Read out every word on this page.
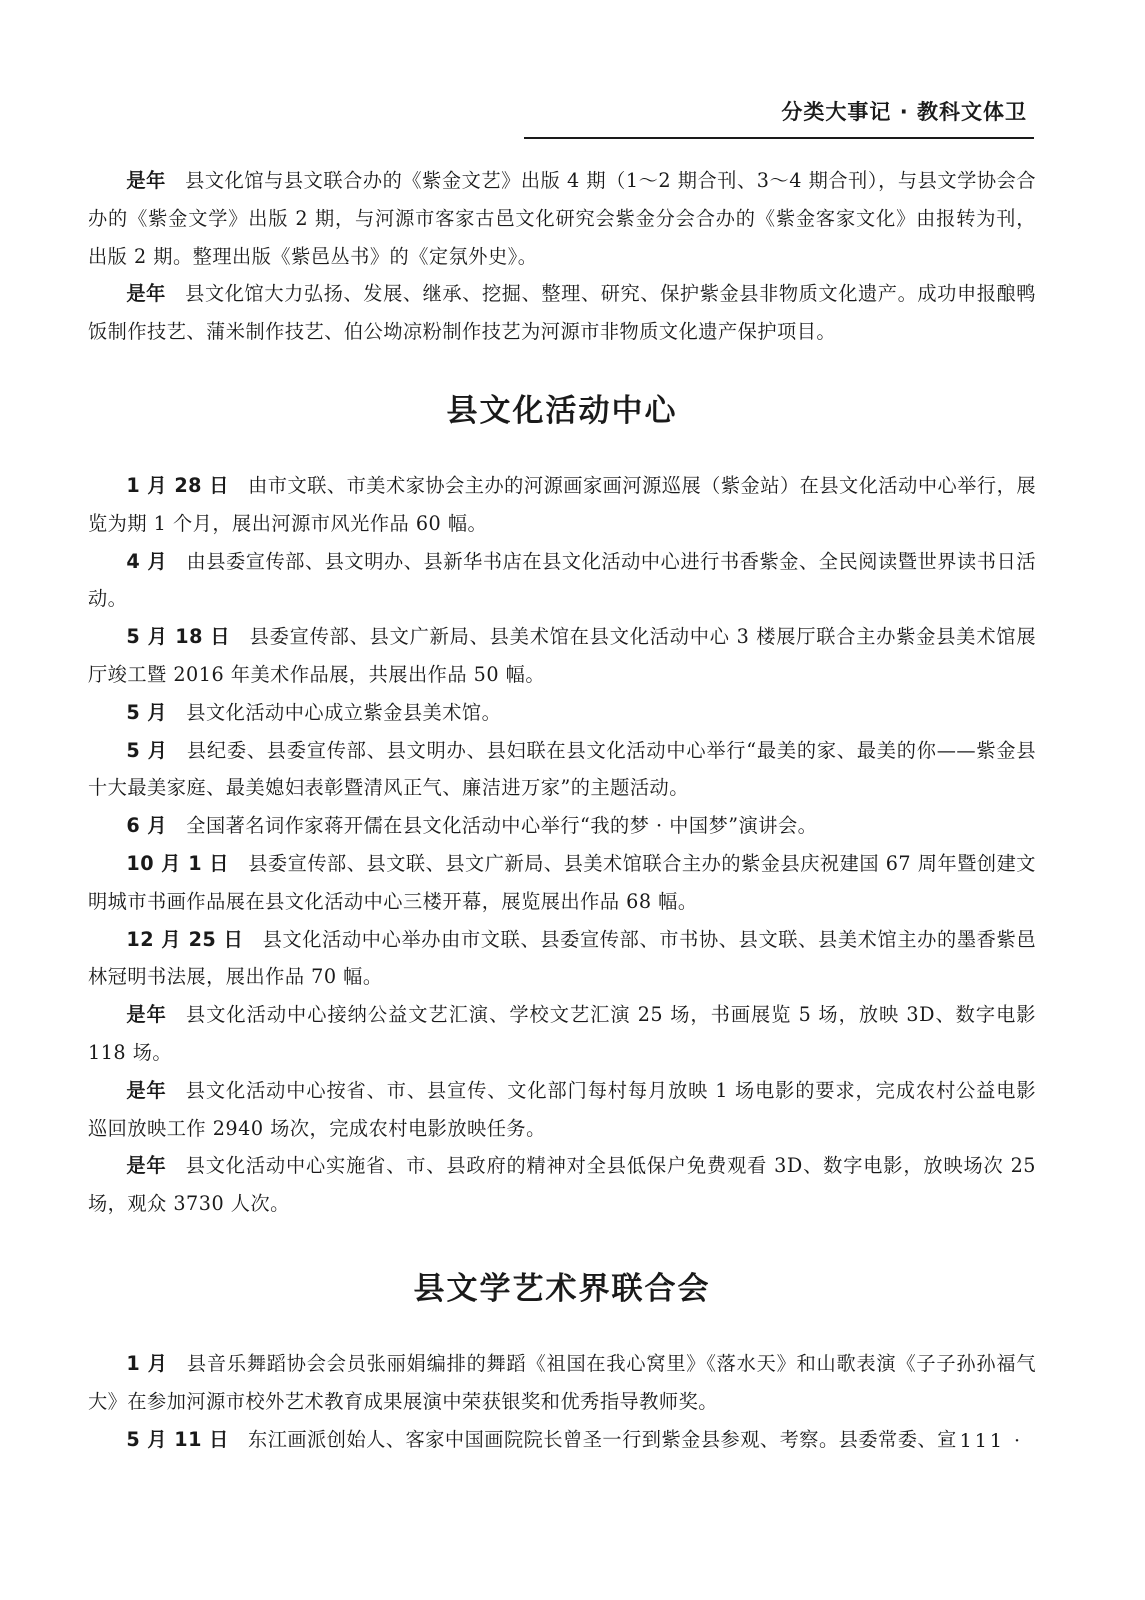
分类大事记 · 教科文体卫

是年 县文化馆与县文联合办的《紫金文艺》出版 4 期（1～2 期合刊、3～4 期合刊），与县文学协会合办的《紫金文学》出版 2 期，与河源市客家古邑文化研究会紫金分会合办的《紫金客家文化》由报转为刊，出版 2 期。整理出版《紫邑丛书》的《定氛外史》。

是年 县文化馆大力弘扬、发展、继承、挖掘、整理、研究、保护紫金县非物质文化遗产。成功申报酿鸭饭制作技艺、蒲米制作技艺、伯公坳凉粉制作技艺为河源市非物质文化遗产保护项目。

县文化活动中心

1 月 28 日 由市文联、市美术家协会主办的河源画家画河源巡展（紫金站）在县文化活动中心举行，展览为期 1 个月，展出河源市风光作品 60 幅。

4 月 由县委宣传部、县文明办、县新华书店在县文化活动中心进行书香紫金、全民阅读暨世界读书日活动。

5 月 18 日 县委宣传部、县文广新局、县美术馆在县文化活动中心 3 楼展厅联合主办紫金县美术馆展厅竣工暨 2016 年美术作品展，共展出作品 50 幅。

5 月 县文化活动中心成立紫金县美术馆。

5 月 县纪委、县委宣传部、县文明办、县妇联在县文化活动中心举行“最美的家、最美的你——紫金县十大最美家庭、最美媳妇表彰暨清风正气、廉洁进万家”的主题活动。

6 月 全国著名词作家蒋开儒在县文化活动中心举行“我的梦 · 中国梦”演讲会。

10 月 1 日 县委宣传部、县文联、县文广新局、县美术馆联合主办的紫金县庆祝建国 67 周年暨创建文明城市书画作品展在县文化活动中心三楼开幕，展览展出作品 68 幅。

12 月 25 日 县文化活动中心举办由市文联、县委宣传部、市书协、县文联、县美术馆主办的墨香紫邑林冠明书法展，展出作品 70 幅。

是年 县文化活动中心接纳公益文艺汇演、学校文艺汇演 25 场，书画展览 5 场，放映 3D、数字电影 118 场。

是年 县文化活动中心按省、市、县宣传、文化部门每村每月放映 1 场电影的要求，完成农村公益电影巡回放映工作 2940 场次，完成农村电影放映任务。

是年 县文化活动中心实施省、市、县政府的精神对全县低保户免费观看 3D、数字电影，放映场次 25 场，观众 3730 人次。

县文学艺术界联合会

1 月 县音乐舞蹈协会会员张丽娟编排的舞蹈《祖国在我心窝里》《落水天》和山歌表演《子子孙孙福气大》在参加河源市校外艺术教育成果展演中荣获银奖和优秀指导教师奖。

5 月 11 日 东江画派创始人、客家中国画院院长曾圣一行到紫金县参观、考察。县委常委、宣

· 111 ·
